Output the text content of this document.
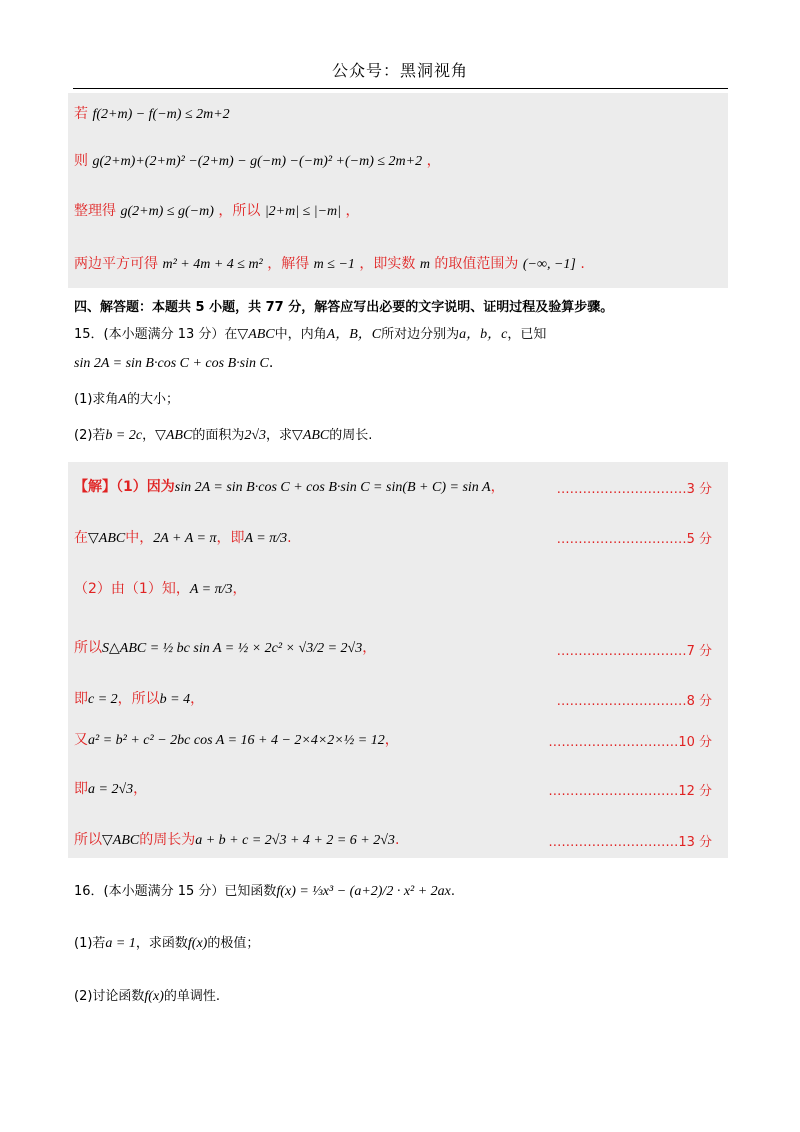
公众号：黑洞视角
若 f(2+m) − f(−m) ≤ 2m+2
则 g(2+m)+(2+m)² −(2+m) − g(−m) −(−m)² +(−m) ≤ 2m+2 ，
整理得 g(2+m) ≤ g(−m) ，所以 |2+m| ≤ |−m| ，
两边平方可得 m² + 4m + 4 ≤ m² ，解得 m ≤ −1 ，即实数 m 的取值范围为 (−∞, −1] .
四、解答题：本题共 5 小题，共 77 分，解答应写出必要的文字说明、证明过程及验算步骤。
15．(本小题满分 13 分）在▽ABC中，内角A，B，C所对边分别为a，b，c，已知
sin 2A = sin B·cos C + cos B·sin C.
(1)求角A的大小；
(2)若b = 2c，▽ABC的面积为2√3，求▽ABC的周长.
【解】（1）因为sin 2A = sin B·cos C + cos B·sin C = sin(B + C) = sin A，	…………………………3 分
在▽ABC中，2A + A = π，即A = π/3.	…………………………5 分
（2）由（1）知，A = π/3，
所以S△ABC = ½ bc sin A = ½ × 2c² × √3/2 = 2√3，	…………………………7 分
即c = 2，所以b = 4，	…………………………8 分
又a² = b² + c² − 2bc cos A = 16 + 4 − 2×4×2×½ = 12，	…………………………10 分
即a = 2√3，	…………………………12 分
所以▽ABC的周长为a + b + c = 2√3 + 4 + 2 = 6 + 2√3.	…………………………13 分
16．(本小题满分 15 分）已知函数f(x) = ⅓x³ − (a+2)/2 · x² + 2ax.
(1)若a = 1，求函数f(x)的极值；
(2)讨论函数f(x)的单调性.
